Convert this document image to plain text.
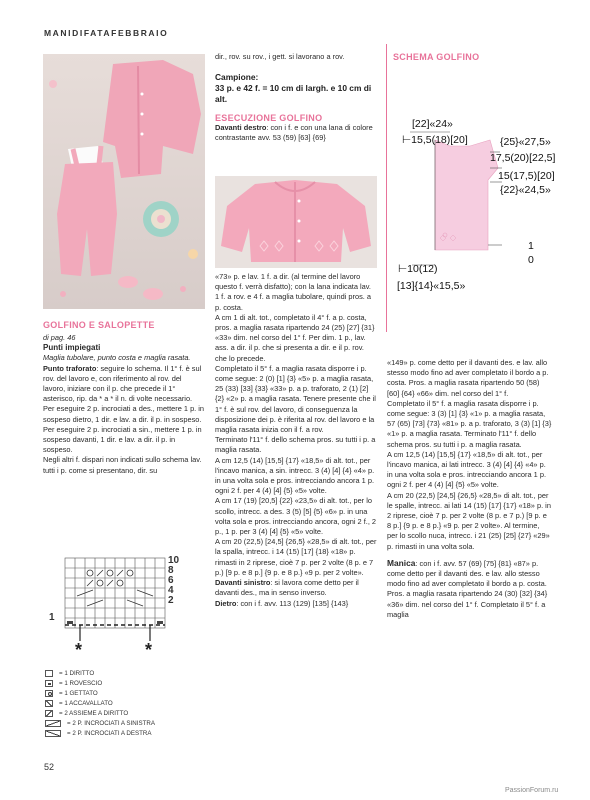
MANIDIFATAFEBBRAIO
GOLFINO E SALOPETTE
di pag. 46
Punti impiegati
Maglia tubolare, punto costa e maglia rasata.
Punto traforato: seguire lo schema. Il 1° f. è sul rov. del lavoro e, con riferimento al rov. del lavoro, iniziare con il p. che precede il 1° asterisco, rip. da * a * il n. di volte necessario.
Per eseguire 2 p. incrociati a des., mettere 1 p. in sospeso dietro, 1 dir. e lav. a dir. il p. in sospeso.
Per eseguire 2 p. incrociati a sin., mettere 1 p. in sospeso davanti, 1 dir. e lav. a dir. il p. in sospeso.
Negli altri f. dispari non indicati sullo schema lav. tutti i p. come si presentano, dir. su
10
8
6
4
2
1
*	*
= 1 DIRITTO
= 1 ROVESCIO
= 1 GETTATO
= 1 ACCAVALLATO
= 2 ASSIEME A DIRITTO
= 2 P. INCROCIATI A SINISTRA
= 2 P. INCROCIATI A DESTRA
52
dir., rov. su rov., i gett. si lavorano a rov.
Campione:
33 p. e 42 f. = 10 cm di largh. e 10 cm di alt.
ESECUZIONE GOLFINO
Davanti destro: con i f. e con una lana di colore contrastante avv. 53 (59) [63] {69}
«73» p. e lav. 1 f. a dir. (al termine del lavoro questo f. verrà disfatto); con la lana indicata lav. 1 f. a rov. e 4 f. a maglia tubolare, quindi pros. a p. costa.
A cm 1 di alt. tot., completato il 4° f. a p. costa, pros. a maglia rasata ripartendo 24 (25) [27] {31} «33» dim. nel corso del 1° f. Per dim. 1 p., lav. ass. a dir. il p. che si presenta a dir. e il p. rov. che lo precede.
Completato il 5° f. a maglia rasata disporre i p. come segue: 2 (0) [1] {3} «5» p. a maglia rasata, 25 (33) [33] {33} «33» p. a p. traforato, 2 (1) [2] {2} «2» p. a maglia rasata. Tenere presente che il 1° f. è sul rov. del lavoro, di conseguenza la disposizione dei p. è riferita al rov. del lavoro e la maglia rasata inizia con il f. a rov.
Terminato l'11° f. dello schema pros. su tutti i p. a maglia rasata.
A cm 12,5 (14) [15,5] {17} «18,5» di alt. tot., per l'incavo manica, a sin. intrecc. 3 (4) [4] {4} «4» p. in una volta sola e pros. intrecciando ancora 1 p. ogni 2 f. per 4 (4) [4] {5} «5» volte.
A cm 17 (19) [20,5] {22} «23,5» di alt. tot., per lo scollo, intrecc. a des. 3 (5) [5] {5} «6» p. in una volta sola e pros. intrecciando ancora, ogni 2 f., 2 p., 1 p. per 3 (4) [4] {5} «5» volte.
A cm 20 (22,5) [24,5] {26,5} «28,5» di alt. tot., per la spalla, intrecc. i 14 (15) [17] {18} «18» p. rimasti in 2 riprese, cioè 7 p. per 2 volte (8 p. e 7 p.) [9 p. e 8 p.] {9 p. e 8 p.} «9 p. per 2 volte».
Davanti sinistro: si lavora come detto per il davanti des., ma in senso inverso.
Dietro: con i f. avv. 113 (129) [135] {143}
SCHEMA GOLFINO
[22]«24»
⊢15,5(18)[20]	{25}«27,5»
17,5(20)[22,5]
15(17,5)[20]
{22}«24,5»
1
0
⊢10(12)
[13]{14}«15,5»
«149» p. come detto per il davanti des. e lav. allo stesso modo fino ad aver completato il bordo a p. costa. Pros. a maglia rasata ripartendo 50 (58) [60] {64} «66» dim. nel corso del 1° f.
Completato il 5° f. a maglia rasata disporre i p. come segue: 3 (3) [1] {3} «1» p. a maglia rasata, 57 (65) [73] {73} «81» p. a p. traforato, 3 (3) [1] {3} «1» p. a maglia rasata. Terminato l'11° f. dello schema pros. su tutti i p. a maglia rasata.
A cm 12,5 (14) [15,5] {17} «18,5» di alt. tot., per l'incavo manica, ai lati intrecc. 3 (4) [4] {4} «4» p. in una volta sola e pros. intrecciando ancora 1 p. ogni 2 f. per 4 (4) [4] {5} «5» volte.
A cm 20 (22,5) [24,5] {26,5} «28,5» di alt. tot., per le spalle, intrecc. ai lati 14 (15) [17] {17} «18» p. in 2 riprese, cioè 7 p. per 2 volte (8 p. e 7 p.) [9 p. e 8 p.] {9 p. e 8 p.} «9 p. per 2 volte». Al termine, per lo scollo nuca, intrecc. i 21 (25) [25] {27} «29» p. rimasti in una volta sola.
Manica: con i f. avv. 57 (69) [75] {81} «87» p. come detto per il davanti des. e lav. allo stesso modo fino ad aver completato il bordo a p. costa. Pros. a maglia rasata ripartendo 24 (30) [32] {34} «36» dim. nel corso del 1° f. Completato il 5° f. a maglia
PassionForum.ru
